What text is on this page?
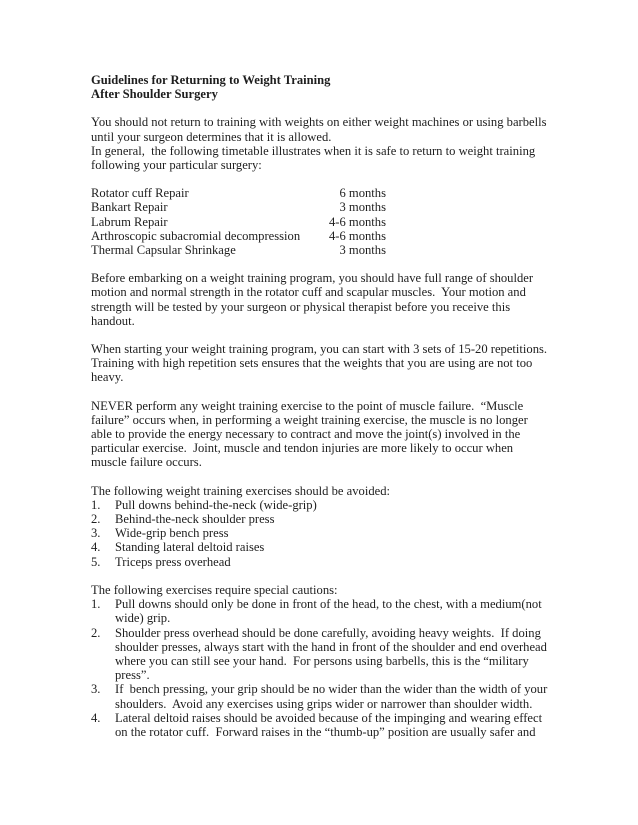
Guidelines for Returning to Weight Training
After Shoulder Surgery

You should not return to training with weights on either weight machines or using barbells until your surgeon determines that it is allowed.

In general,  the following timetable illustrates when it is safe to return to weight training following your particular surgery:

Rotator cuff Repair	6 months
Bankart Repair	3 months
Labrum Repair	4-6 months
Arthroscopic subacromial decompression	4-6 months
Thermal Capsular Shrinkage	3 months

Before embarking on a weight training program, you should have full range of shoulder motion and normal strength in the rotator cuff and scapular muscles.  Your motion and strength will be tested by your surgeon or physical therapist before you receive this handout.

When starting your weight training program, you can start with 3 sets of 15-20 repetitions.  Training with high repetition sets ensures that the weights that you are using are not too heavy.

NEVER perform any weight training exercise to the point of muscle failure.  “Muscle failure” occurs when, in performing a weight training exercise, the muscle is no longer able to provide the energy necessary to contract and move the joint(s) involved in the particular exercise.  Joint, muscle and tendon injuries are more likely to occur when muscle failure occurs.

The following weight training exercises should be avoided:

1.	Pull downs behind-the-neck (wide-grip)
2.	Behind-the-neck shoulder press
3.	Wide-grip bench press
4.	Standing lateral deltoid raises
5.	Triceps press overhead

The following exercises require special cautions:

1.	Pull downs should only be done in front of the head, to the chest, with a medium(not wide) grip.
2.	Shoulder press overhead should be done carefully, avoiding heavy weights.  If doing shoulder presses, always start with the hand in front of the shoulder and end overhead where you can still see your hand.  For persons using barbells, this is the “military press”.
3.	If  bench pressing, your grip should be no wider than the wider than the width of your shoulders.  Avoid any exercises using grips wider or narrower than shoulder width.
4.	Lateral deltoid raises should be avoided because of the impinging and wearing effect on the rotator cuff.  Forward raises in the “thumb-up” position are usually safer and
